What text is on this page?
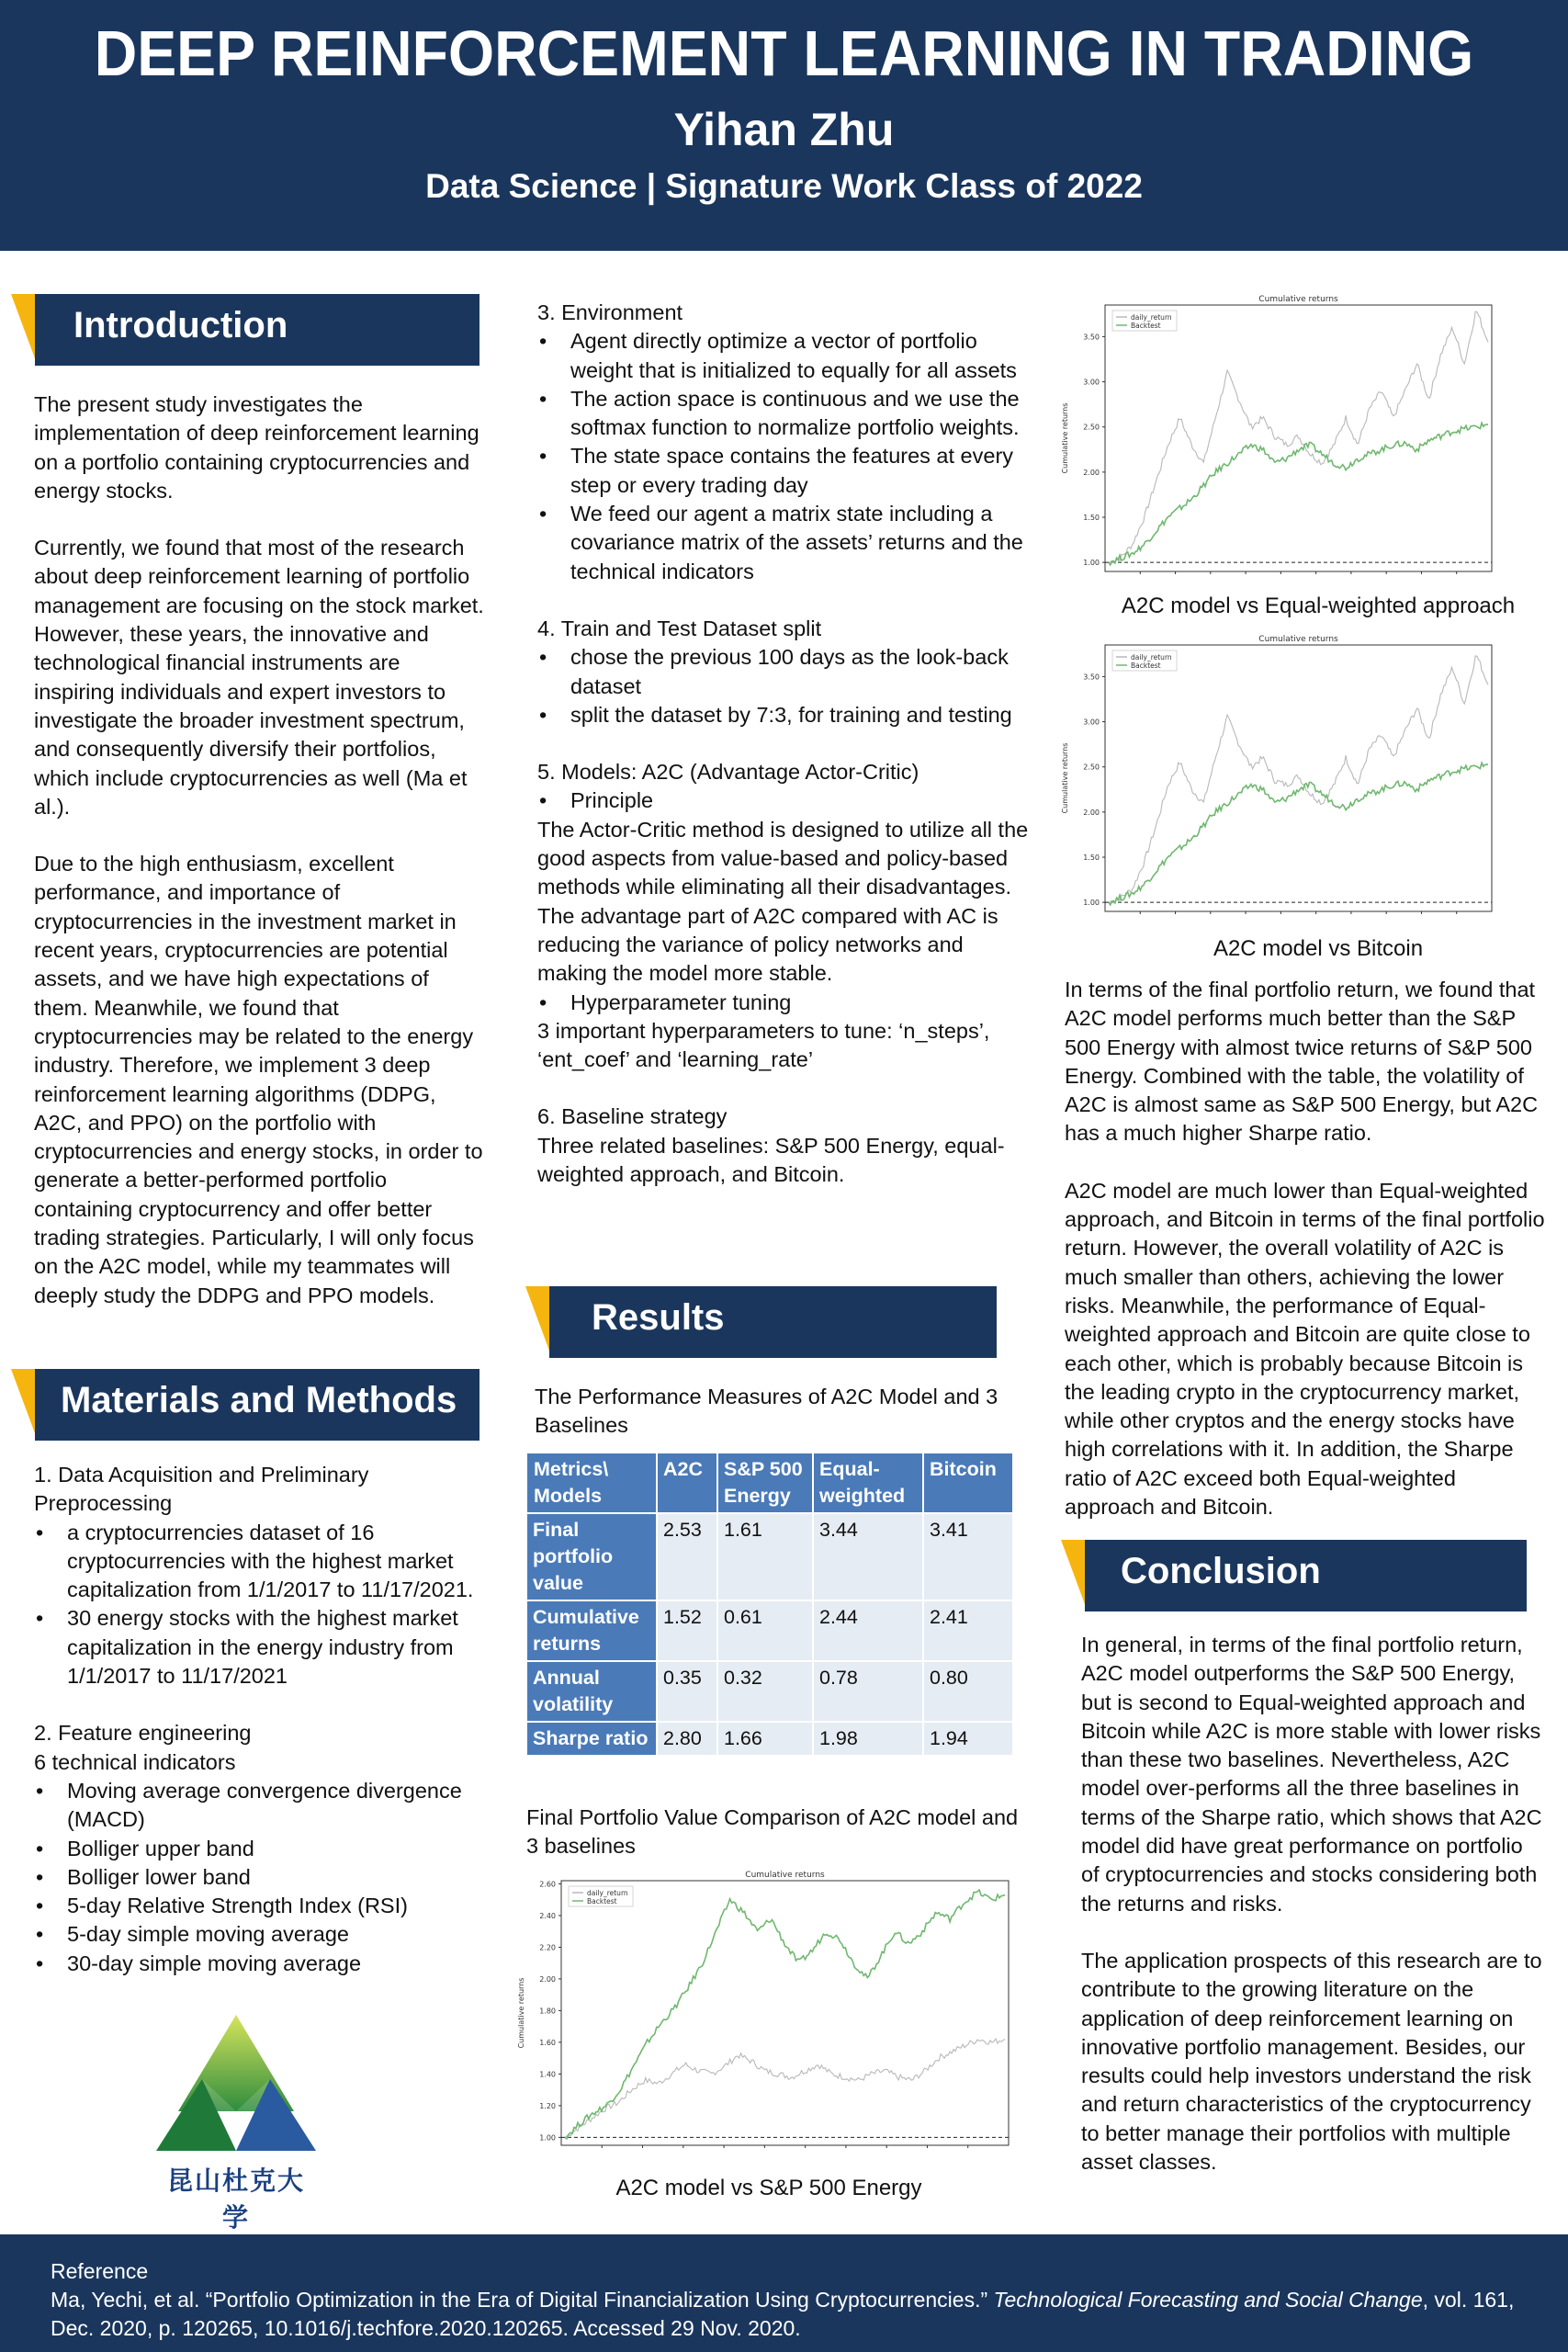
DEEP REINFORCEMENT LEARNING IN TRADING
Yihan Zhu
Data Science | Signature Work Class of 2022
Introduction

The present study investigates the implementation of deep reinforcement learning on a portfolio containing cryptocurrencies and energy stocks.

Currently, we found that most of the research about deep reinforcement learning of portfolio management are focusing on the stock market. However, these years, the innovative and technological financial instruments are inspiring individuals and expert investors to investigate the broader investment spectrum, and consequently diversify their portfolios, which include cryptocurrencies as well (Ma et al.).

Due to the high enthusiasm, excellent performance, and importance of cryptocurrencies in the investment market in recent years, cryptocurrencies are potential assets, and we have high expectations of them. Meanwhile, we found that cryptocurrencies may be related to the energy industry. Therefore, we implement 3 deep reinforcement learning algorithms (DDPG, A2C, and PPO) on the portfolio with cryptocurrencies and energy stocks, in order to generate a better-performed portfolio containing cryptocurrency and offer better trading strategies. Particularly, I will only focus on the A2C model, while my teammates will deeply study the DDPG and PPO models.

Materials and Methods

1. Data Acquisition and Preliminary Preprocessing

• a cryptocurrencies dataset of 16 cryptocurrencies with the highest market capitalization from 1/1/2017 to 11/17/2021.
• 30 energy stocks with the highest market capitalization in the energy industry from 1/1/2017 to 11/17/2021

2. Feature engineering

6 technical indicators

• Moving average convergence divergence (MACD)
• Bolliger upper band
• Bolliger lower band
• 5-day Relative Strength Index (RSI)
• 5-day simple moving average
• 30-day simple moving average
昆山杜克大学

3. Environment

• Agent directly optimize a vector of portfolio weight that is initialized to equally for all assets
• The action space is continuous and we use the softmax function to normalize portfolio weights.
• The state space contains the features at every step or every trading day
• We feed our agent a matrix state including a covariance matrix of the assets’ returns and the technical indicators

4. Train and Test Dataset split

• chose the previous 100 days as the look-back dataset
• split the dataset by 7:3, for training and testing

5. Models: A2C (Advantage Actor-Critic)

• Principle

The Actor-Critic method is designed to utilize all the good aspects from value-based and policy-based methods while eliminating all their disadvantages. The advantage part of A2C compared with AC is reducing the variance of policy networks and making the model more stable.

• Hyperparameter tuning

3 important hyperparameters to tune: ‘n_steps’, ‘ent_coef’ and ‘learning_rate’

6. Baseline strategy

Three related baselines: S&P 500 Energy, equal-weighted approach, and Bitcoin.

Results
The Performance Measures of A2C Model and 3 Baselines
Metrics\ Models	A2C	S&P 500 Energy	Equal-weighted	Bitcoin
Final portfolio value	2.53	1.61	3.44	3.41
Cumulative returns	1.52	0.61	2.44	2.41
Annual volatility	0.35	0.32	0.78	0.80
Sharpe ratio	2.80	1.66	1.98	1.94
Final Portfolio Value Comparison of A2C model and 3 baselines
Cumulative returns
Cumulative returns
1.00
1.20
1.40
1.60
1.80
2.00
2.20
2.40
2.60
daily_return
Backtest
A2C model vs S&P 500 Energy
Cumulative returns
Cumulative returns
1.00
1.50
2.00
2.50
3.00
3.50
daily_return
Backtest
A2C model vs Equal-weighted approach
Cumulative returns
Cumulative returns
1.00
1.50
2.00
2.50
3.00
3.50
daily_return
Backtest
A2C model vs Bitcoin

In terms of the final portfolio return, we found that A2C model performs much better than the S&P 500 Energy with almost twice returns of S&P 500 Energy. Combined with the table, the volatility of A2C is almost same as S&P 500 Energy, but A2C has a much higher Sharpe ratio.

A2C model are much lower than Equal-weighted approach, and Bitcoin in terms of the final portfolio return. However, the overall volatility of A2C is much smaller than others, achieving the lower risks. Meanwhile, the performance of Equal-weighted approach and Bitcoin are quite close to each other, which is probably because Bitcoin is the leading crypto in the cryptocurrency market, while other cryptos and the energy stocks have high correlations with it. In addition, the Sharpe ratio of A2C exceed both Equal-weighted approach and Bitcoin.

Conclusion

In general, in terms of the final portfolio return, A2C model outperforms the S&P 500 Energy, but is second to Equal-weighted approach and Bitcoin while A2C is more stable with lower risks than these two baselines. Nevertheless, A2C model over-performs all the three baselines in terms of the Sharpe ratio, which shows that A2C model did have great performance on portfolio of cryptocurrencies and stocks considering both the returns and risks.

The application prospects of this research are to contribute to the growing literature on the application of deep reinforcement learning on innovative portfolio management. Besides, our results could help investors understand the risk and return characteristics of the cryptocurrency to better manage their portfolios with multiple asset classes.

Reference
Ma, Yechi, et al. “Portfolio Optimization in the Era of Digital Financialization Using Cryptocurrencies.” Technological Forecasting and Social Change, vol. 161, Dec. 2020, p. 120265, 10.1016/j.techfore.2020.120265. Accessed 29 Nov. 2020.
